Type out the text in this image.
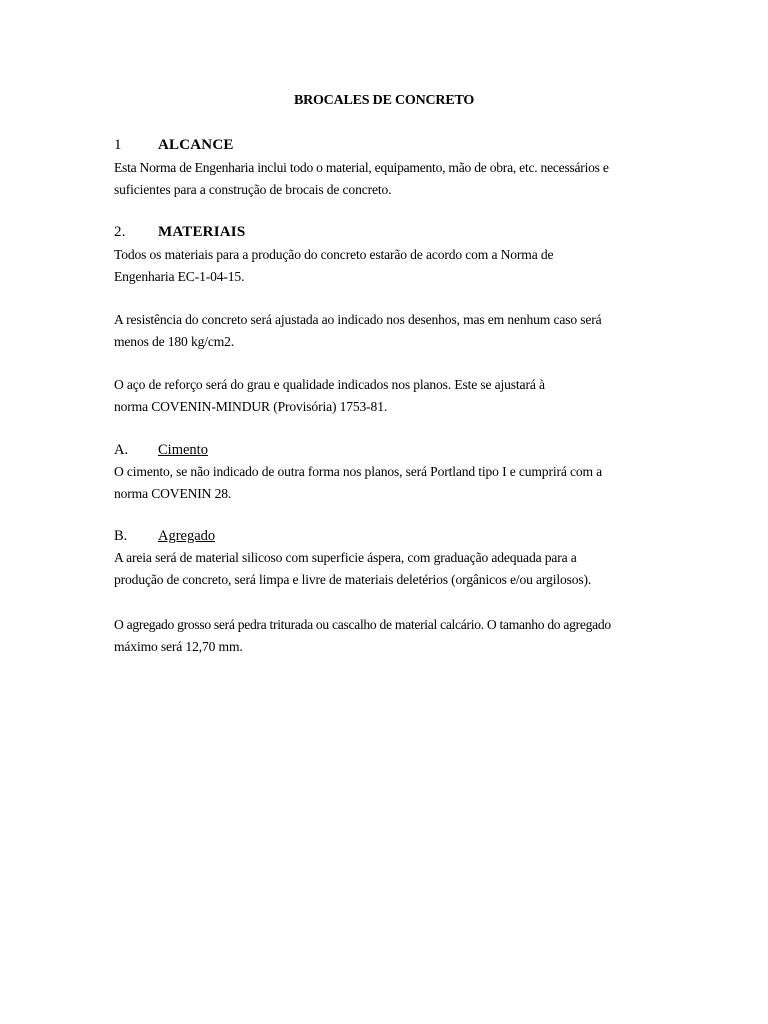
BROCALES DE CONCRETO
1 ALCANCE
Esta Norma de Engenharia inclui todo o material, equipamento, mão de obra, etc. necessários e
suficientes para a construção de brocais de concreto.
2. MATERIAIS
Todos os materiais para a produção do concreto estarão de acordo com a Norma de
Engenharia EC-1-04-15.
A resistência do concreto será ajustada ao indicado nos desenhos, mas em nenhum caso será
menos de 180 kg/cm2.
O aço de reforço será do grau e qualidade indicados nos planos. Este se ajustará à
norma COVENIN-MINDUR (Provisória) 1753-81.
A. Cimento
O cimento, se não indicado de outra forma nos planos, será Portland tipo I e cumprirá com a
norma COVENIN 28.
B. Agregado
A areia será de material silicoso com superficie áspera, com graduação adequada para a
produção de concreto, será limpa e livre de materiais deletérios (orgânicos e/ou argilosos).
O agregado grosso será pedra triturada ou cascalho de material calcário. O tamanho do agregado
máximo será 12,70 mm.
